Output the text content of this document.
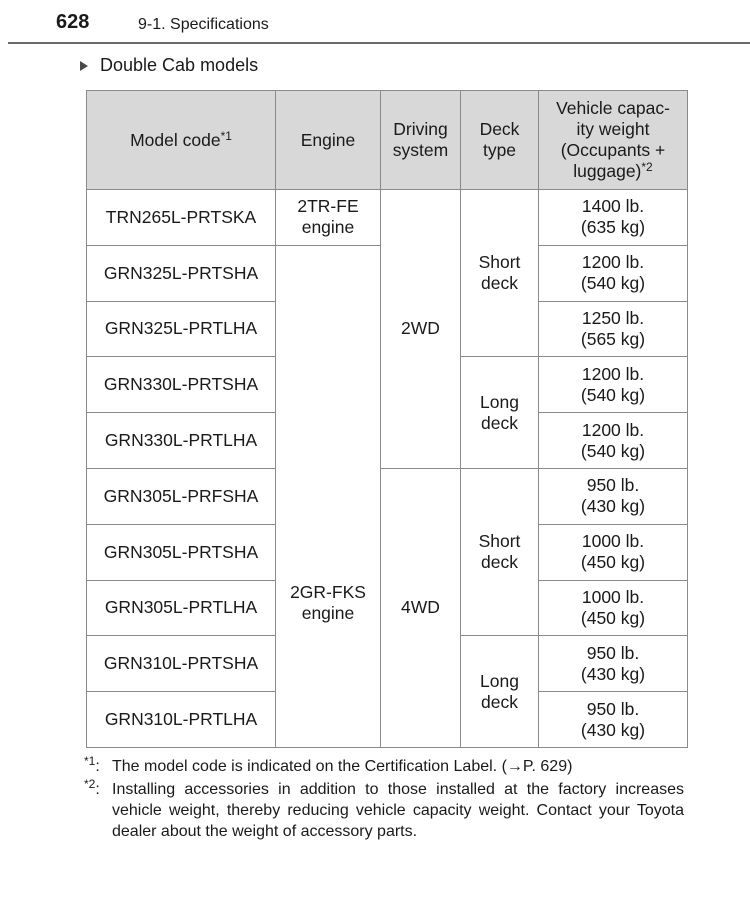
628	9-1. Specifications
Double Cab models
Model code$^{*1}$	Engine	Driving
system	Deck
type	Vehicle capac-
ity weight
(Occupants +
luggage)$^{*2}$
TRN265L-PRTSKA	2TR-FE
engine	2WD	Short
deck	1400 lb.
(635 kg)
GRN325L-PRTSHA	2GR-FKS
engine			1200 lb.
(540 kg)
GRN325L-PRTLHA				1250 lb.
(565 kg)
GRN330L-PRTSHA			Long
deck	1200 lb.
(540 kg)
GRN330L-PRTLHA				1200 lb.
(540 kg)
GRN305L-PRFSHA		4WD	Short
deck	950 lb.
(430 kg)
GRN305L-PRTSHA				1000 lb.
(450 kg)
GRN305L-PRTLHA				1000 lb.
(450 kg)
GRN310L-PRTSHA			Long
deck	950 lb.
(430 kg)
GRN310L-PRTLHA				950 lb.
(430 kg)
$^{*1}$: The model code is indicated on the Certification Label. (→P. 629)
$^{*2}$: Installing accessories in addition to those installed at the factory increases vehicle weight, thereby reducing vehicle capacity weight. Contact your Toyota dealer about the weight of accessory parts.
